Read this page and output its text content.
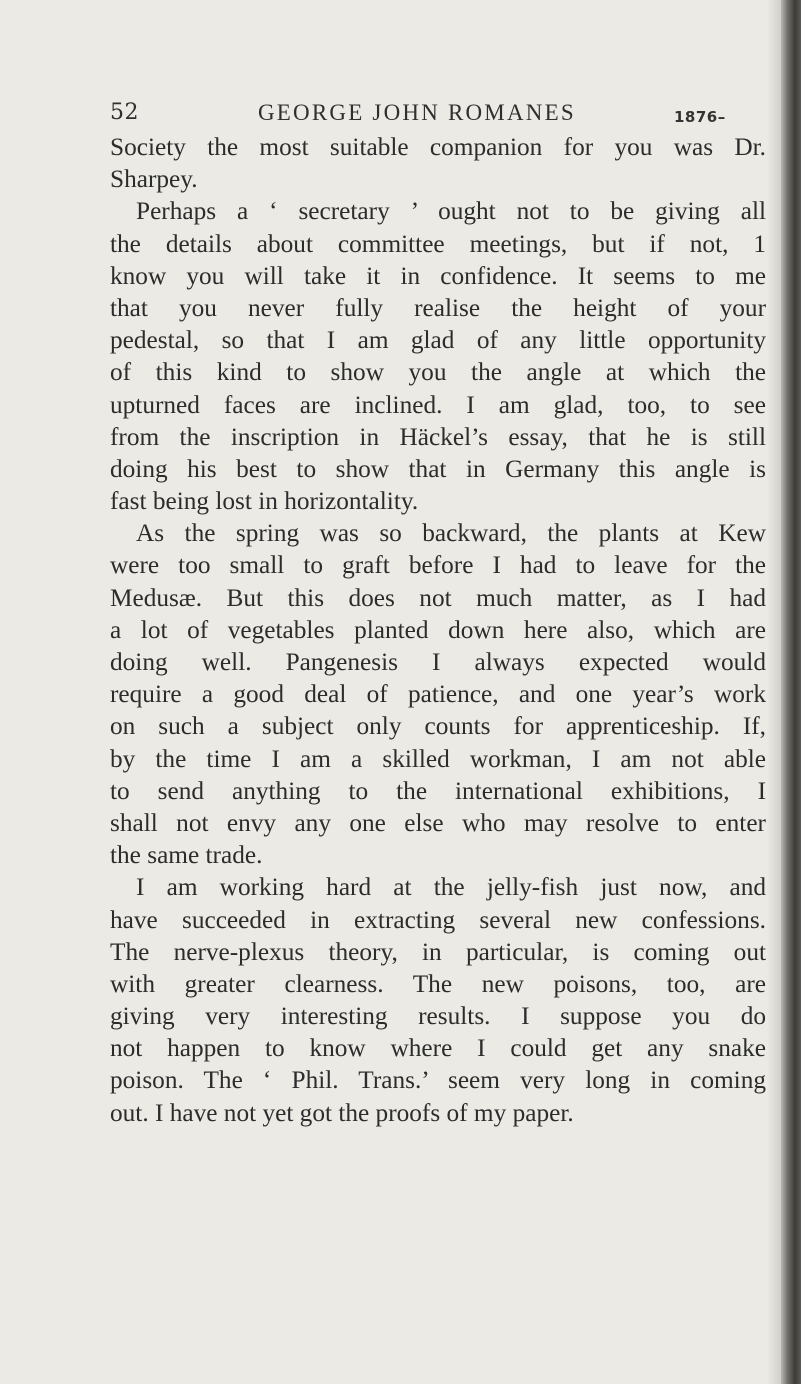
52	GEORGE JOHN ROMANES	1876–
Society the most suitable companion for you was Dr.
Sharpey.
Perhaps a ‘ secretary ’ ought not to be giving all
the details about committee meetings, but if not, 1
know you will take it in confidence. It seems to me
that you never fully realise the height of your
pedestal, so that I am glad of any little opportunity
of this kind to show you the angle at which the
upturned faces are inclined. I am glad, too, to see
from the inscription in Häckel’s essay, that he is still
doing his best to show that in Germany this angle is
fast being lost in horizontality.
As the spring was so backward, the plants at Kew
were too small to graft before I had to leave for the
Medusæ. But this does not much matter, as I had
a lot of vegetables planted down here also, which are
doing well. Pangenesis I always expected would
require a good deal of patience, and one year’s work
on such a subject only counts for apprenticeship. If,
by the time I am a skilled workman, I am not able
to send anything to the international exhibitions, I
shall not envy any one else who may resolve to enter
the same trade.
I am working hard at the jelly-fish just now, and
have succeeded in extracting several new confessions.
The nerve-plexus theory, in particular, is coming out
with greater clearness. The new poisons, too, are
giving very interesting results. I suppose you do
not happen to know where I could get any snake
poison. The ‘ Phil. Trans.’ seem very long in coming
out. I have not yet got the proofs of my paper.
